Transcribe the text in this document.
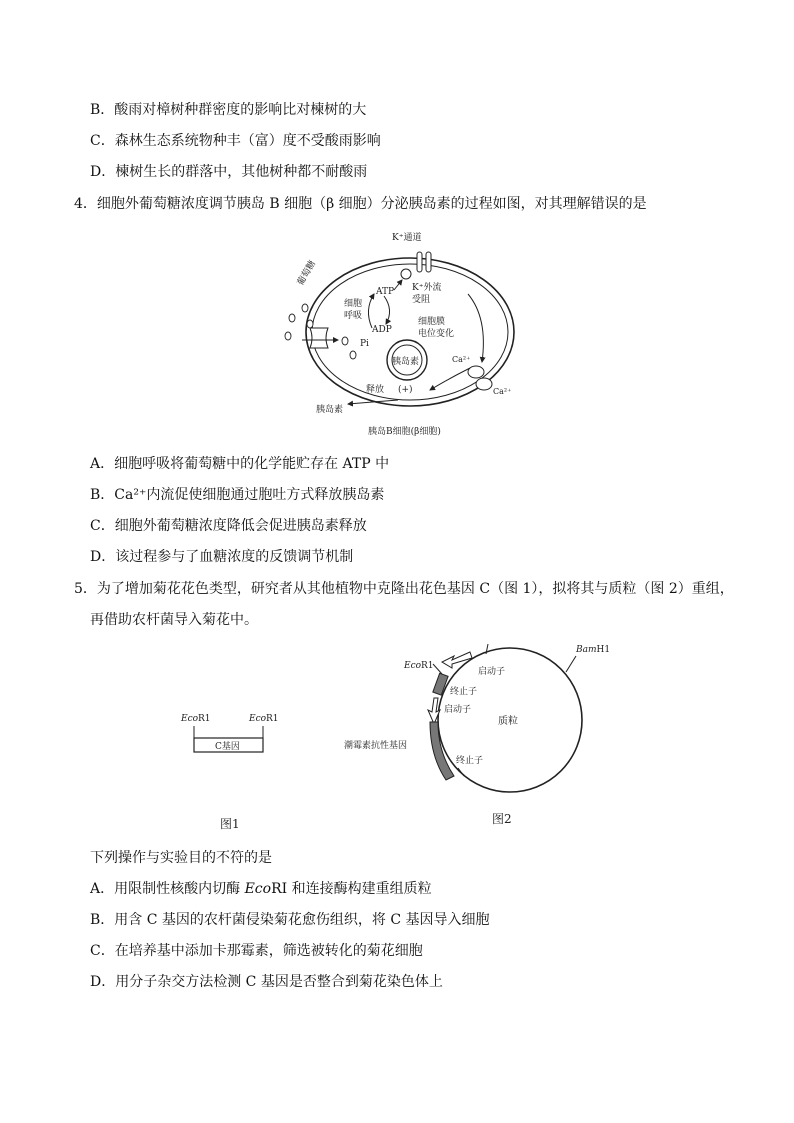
B．酸雨对樟树种群密度的影响比对楝树的大
C．森林生态系统物种丰（富）度不受酸雨影响
D．楝树生长的群落中，其他树种都不耐酸雨
4．细胞外葡萄糖浓度调节胰岛 B 细胞（β 细胞）分泌胰岛素的过程如图，对其理解错误的是
K⁺通道
葡萄糖
ATP
ADP
Pi
细胞
呼吸
K⁺外流
受阻
细胞膜
电位变化
Ca²⁺
Ca²⁺
胰岛素
释放 (+)
胰岛素
胰岛B细胞(β细胞)
A．细胞呼吸将葡萄糖中的化学能贮存在 ATP 中
B．Ca²⁺内流促使细胞通过胞吐方式释放胰岛素
C．细胞外葡萄糖浓度降低会促进胰岛素释放
D．该过程参与了血糖浓度的反馈调节机制
5．为了增加菊花花色类型，研究者从其他植物中克隆出花色基因 C（图 1），拟将其与质粒（图 2）重组，
再借助农杆菌导入菊花中。
EcoR1	EcoR1
C基因
图1
BamH1
EcoR1
启动子
终止子
启动子
质粒
潮霉素抗性基因
终止子
图2
下列操作与实验目的不符的是
A．用限制性核酸内切酶 EcoRI 和连接酶构建重组质粒
B．用含 C 基因的农杆菌侵染菊花愈伤组织，将 C 基因导入细胞
C．在培养基中添加卡那霉素，筛选被转化的菊花细胞
D．用分子杂交方法检测 C 基因是否整合到菊花染色体上
